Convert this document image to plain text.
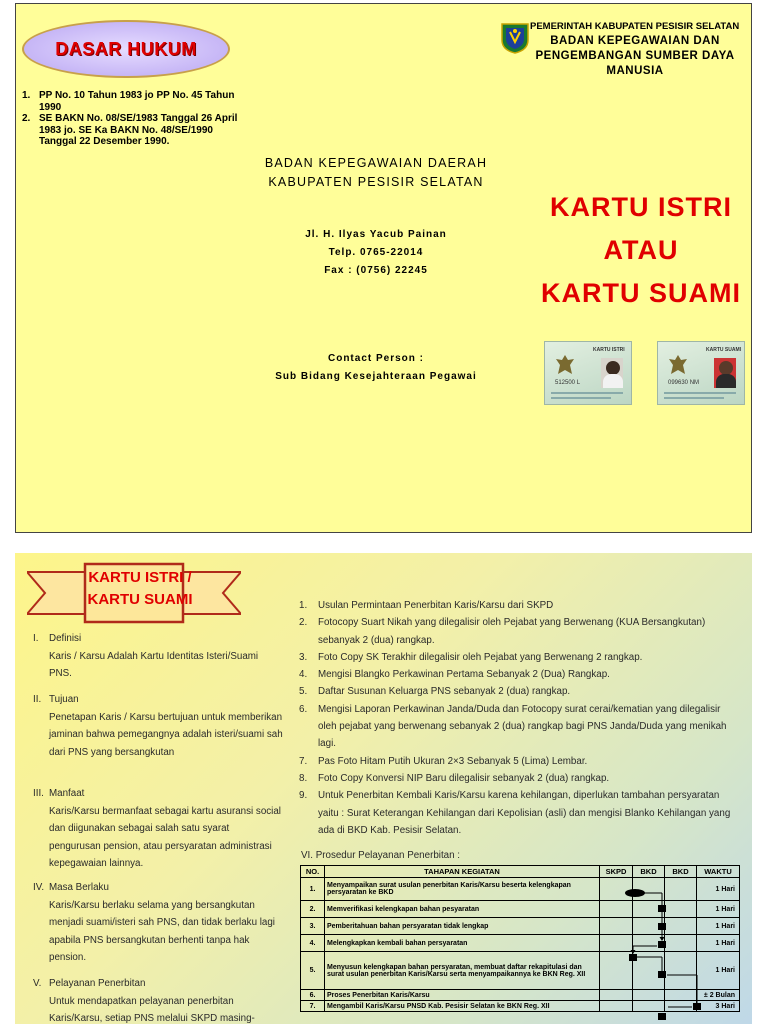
DASAR HUKUM
1. PP No. 10 Tahun 1983 jo PP No. 45 Tahun 1990
2. SE BAKN No. 08/SE/1983 Tanggal 26 April 1983 jo. SE Ka BAKN No. 48/SE/1990 Tanggal 22 Desember 1990.
PEMERINTAH KABUPATEN PESISIR SELATAN
BADAN KEPEGAWAIAN DAN
PENGEMBANGAN SUMBER DAYA
MANUSIA
BADAN KEPEGAWAIAN DAERAH
KABUPATEN PESISIR SELATAN
Jl. H. Ilyas Yacub Painan
Telp. 0765-22014
Fax : (0756) 22245
Contact Person :
Sub Bidang Kesejahteraan Pegawai
KARTU ISTRI
ATAU
KARTU SUAMI
KARTU ISTRI
512500 L
KARTU SUAMI
099630 NM
KARTU ISTRI /
KARTU SUAMI
I.	Definisi
Karis / Karsu Adalah Kartu Identitas Isteri/Suami PNS.
II. Tujuan
Penetapan Karis / Karsu bertujuan untuk memberikan jaminan bahwa pemegangnya adalah isteri/suami sah dari PNS yang bersangkutan
III. Manfaat
Karis/Karsu bermanfaat sebagai kartu asuransi social dan diigunakan sebagai salah satu syarat pengurusan pension, atau persyaratan administrasi kepegawaian lainnya.
IV. Masa Berlaku
Karis/Karsu berlaku selama yang bersangkutan menjadi suami/isteri sah PNS, dan tidak berlaku lagi apabila PNS bersangkutan berhenti tanpa hak pension.
V. Pelayanan Penerbitan
Untuk mendapatkan pelayanan penerbitan Karis/Karsu, setiap PNS melalui SKPD masing-
1.	Usulan Permintaan Penerbitan Karis/Karsu dari SKPD
2.	Fotocopy Suart Nikah yang dilegalisir oleh Pejabat yang Berwenang (KUA Bersangkutan) sebanyak 2 (dua) rangkap.
3.	Foto Copy SK Terakhir dilegalisir oleh Pejabat yang Berwenang 2 rangkap.
4.	Mengisi Blangko Perkawinan Pertama Sebanyak 2 (Dua) Rangkap.
5.	Daftar Susunan Keluarga PNS sebanyak 2 (dua) rangkap.
6.	Mengisi Laporan Perkawinan Janda/Duda dan Fotocopy surat cerai/kematian yang dilegalisir oleh pejabat yang berwenang sebanyak 2 (dua) rangkap bagi PNS Janda/Duda yang menikah lagi.
7.	Pas Foto Hitam Putih Ukuran 2×3 Sebanyak 5 (Lima) Lembar.
8.	Foto Copy Konversi NIP Baru dilegalisir sebanyak 2 (dua) rangkap.
9.	Untuk Penerbitan Kembali Karis/Karsu karena kehilangan, diperlukan tambahan persyaratan yaitu : Surat Keterangan Kehilangan dari Kepolisian (asli) dan mengisi Blanko Kehilangan yang ada di BKD Kab. Pesisir Selatan.
VI. Prosedur Pelayanan Penerbitan :
NO.	TAHAPAN KEGIATAN	SKPD	BKD	BKD	WAKTU
1.	Menyampaikan surat usulan penerbitan Karis/Karsu beserta kelengkapan persyaratan ke BKD				1 Hari
2.	Memverifikasi kelengkapan bahan pesyaratan				1 Hari
3.	Pemberitahuan bahan persyaratan tidak lengkap				1 Hari
4.	Melengkapkan kembali bahan persyaratan				1 Hari
5.	Menyusun kelengkapan bahan persyaratan, membuat daftar rekapitulasi dan surat usulan penerbitan Karis/Karsu serta menyampaikannya ke BKN Reg. XII				1 Hari
6.	Proses Penerbitan Karis/Karsu				± 2 Bulan
7.	Mengambil Karis/Karsu PNSD Kab. Pesisir Selatan ke BKN Reg. XII				3 Hari
